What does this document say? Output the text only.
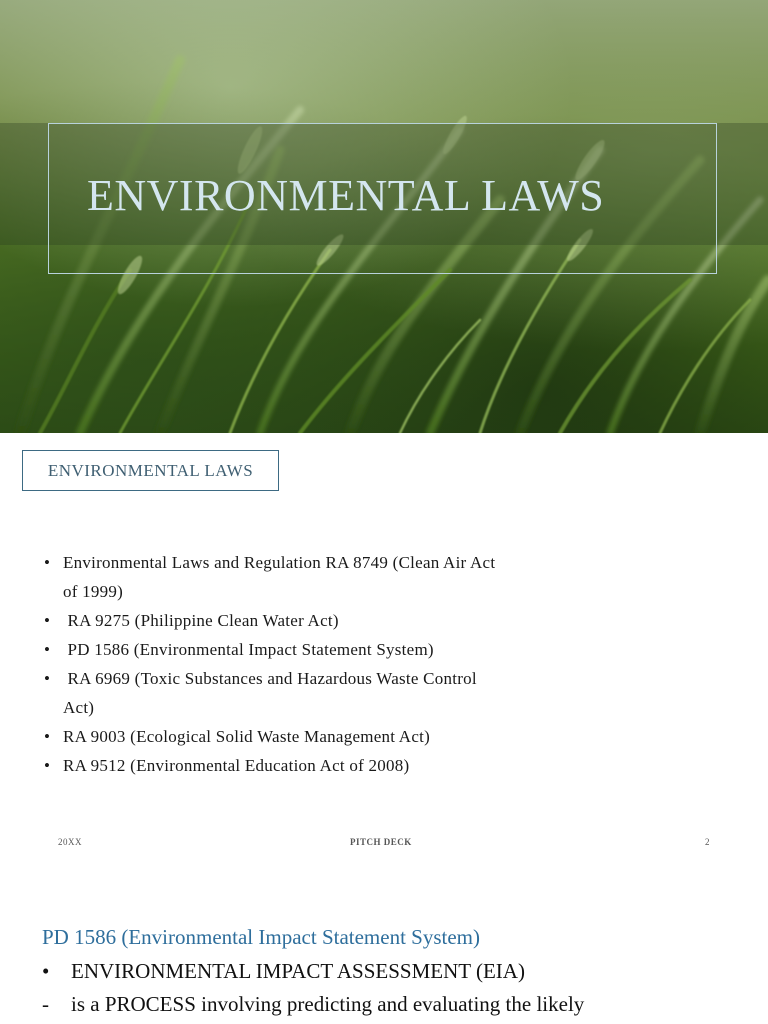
ENVIRONMENTAL LAWS
ENVIRONMENTAL LAWS
• Environmental Laws and Regulation RA 8749 (Clean Air Act
of 1999)
• RA 9275 (Philippine Clean Water Act)
• PD 1586 (Environmental Impact Statement System)
• RA 6969 (Toxic Substances and Hazardous Waste Control
Act)
• RA 9003 (Ecological Solid Waste Management Act)
• RA 9512 (Environmental Education Act of 2008)
20XX	PITCH DECK	2
PD 1586 (Environmental Impact Statement System)
• ENVIRONMENTAL IMPACT ASSESSMENT (EIA)
- is a PROCESS involving predicting and evaluating the likely
